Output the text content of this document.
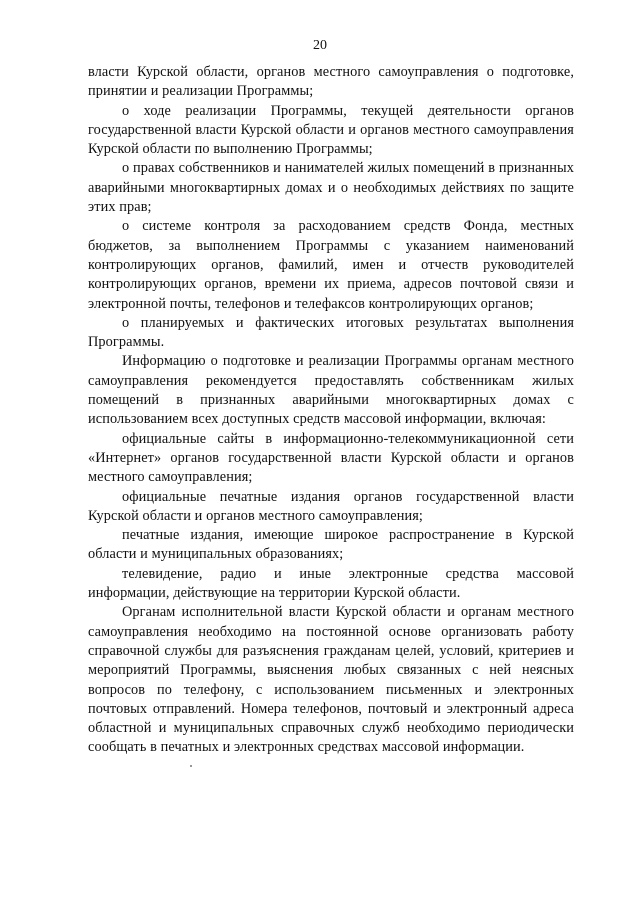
20

власти Курской области, органов местного самоуправления о подготовке, принятии и реализации Программы;

о ходе реализации Программы, текущей деятельности органов государственной власти Курской области и органов местного самоуправления Курской области по выполнению Программы;

о правах собственников и нанимателей жилых помещений в признанных аварийными многоквартирных домах и о необходимых действиях по защите этих прав;

о системе контроля за расходованием средств Фонда, местных бюджетов, за выполнением Программы с указанием наименований контролирующих органов, фамилий, имен и отчеств руководителей контролирующих органов, времени их приема, адресов почтовой связи и электронной почты, телефонов и телефаксов контролирующих органов;

о планируемых и фактических итоговых результатах выполнения Программы.

Информацию о подготовке и реализации Программы органам местного самоуправления рекомендуется предоставлять собственникам жилых помещений в признанных аварийными многоквартирных домах с использованием всех доступных средств массовой информации, включая:

официальные сайты в информационно-телекоммуникационной сети «Интернет» органов государственной власти Курской области и органов местного самоуправления;

официальные печатные издания органов государственной власти Курской области и органов местного самоуправления;

печатные издания, имеющие широкое распространение в Курской области и муниципальных образованиях;

телевидение, радио и иные электронные средства массовой информации, действующие на территории Курской области.

Органам исполнительной власти Курской области и органам местного самоуправления необходимо на постоянной основе организовать работу справочной службы для разъяснения гражданам целей, условий, критериев и мероприятий Программы, выяснения любых связанных с ней неясных вопросов по телефону, с использованием письменных и электронных почтовых отправлений. Номера телефонов, почтовый и электронный адреса областной и муниципальных справочных служб необходимо периодически сообщать в печатных и электронных средствах массовой информации.
